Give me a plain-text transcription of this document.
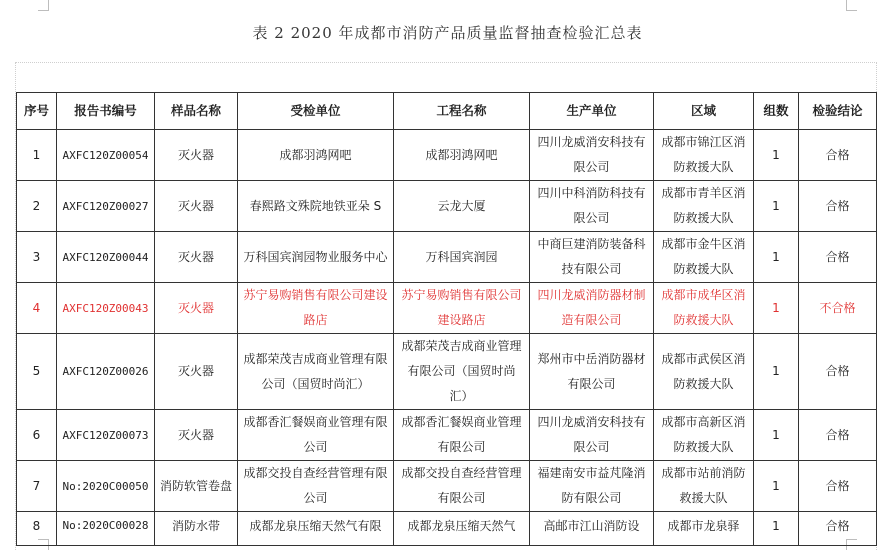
表 2 2020 年成都市消防产品质量监督抽查检验汇总表
序号	报告书编号	样品名称	受检单位	工程名称	生产单位	区域	组数	检验结论
1	AXFC120Z00054	灭火器	成都羽鸿网吧	成都羽鸿网吧	四川龙威消安科技有限公司	成都市锦江区消防救援大队	1	合格
2	AXFC120Z00027	灭火器	春熙路文殊院地铁亚朵 S	云龙大厦	四川中科消防科技有限公司	成都市青羊区消防救援大队	1	合格
3	AXFC120Z00044	灭火器	万科国宾润园物业服务中心	万科国宾润园	中商巨建消防装备科技有限公司	成都市金牛区消防救援大队	1	合格
4	AXFC120Z00043	灭火器	苏宁易购销售有限公司建设路店	苏宁易购销售有限公司建设路店	四川龙威消防器材制造有限公司	成都市成华区消防救援大队	1	不合格
5	AXFC120Z00026	灭火器	成都荣茂吉成商业管理有限公司（国贸时尚汇）	成都荣茂吉成商业管理有限公司（国贸时尚汇）	郑州市中岳消防器材有限公司	成都市武侯区消防救援大队	1	合格
6	AXFC120Z00073	灭火器	成都香汇餐娱商业管理有限公司	成都香汇餐娱商业管理有限公司	四川龙威消安科技有限公司	成都市高新区消防救援大队	1	合格
7	No:2020C00050	消防软管卷盘	成都交投自查经营管理有限公司	成都交投自查经营管理有限公司	福建南安市益芃隆消防有限公司	成都市站前消防救援大队	1	合格
8	No:2020C00028	消防水带	成都龙泉压缩天然气有限	成都龙泉压缩天然气	高邮市江山消防设	成都市龙泉驿	1	合格
